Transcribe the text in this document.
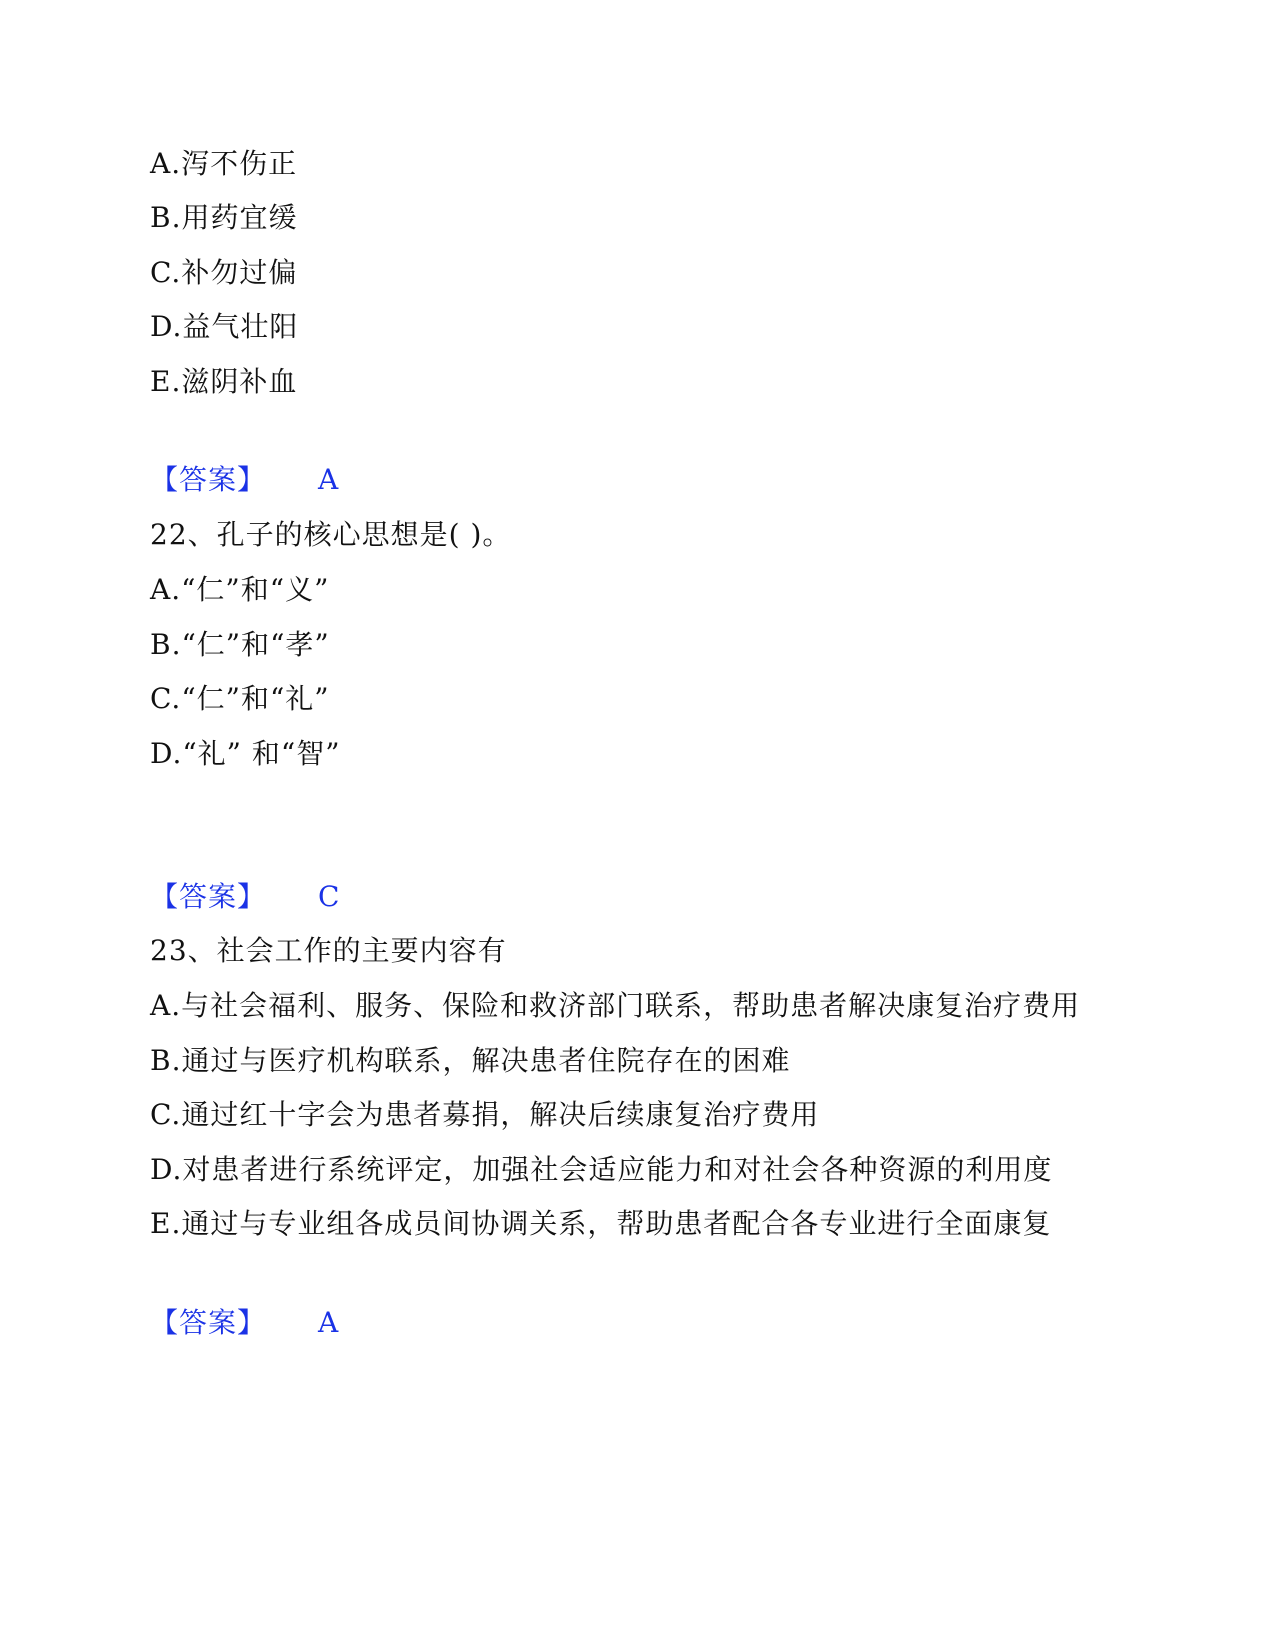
A.泻不伤正
B.用药宜缓
C.补勿过偏
D.益气壮阳
E.滋阴补血
【答案】 A
22、孔子的核心思想是( )。
A.“仁”和“义”
B.“仁”和“孝”
C.“仁”和“礼”
D.“礼” 和“智”
【答案】 C
23、社会工作的主要内容有
A.与社会福利、服务、保险和救济部门联系，帮助患者解决康复治疗费用
B.通过与医疗机构联系，解决患者住院存在的困难
C.通过红十字会为患者募捐，解决后续康复治疗费用
D.对患者进行系统评定，加强社会适应能力和对社会各种资源的利用度
E.通过与专业组各成员间协调关系，帮助患者配合各专业进行全面康复
【答案】 A
